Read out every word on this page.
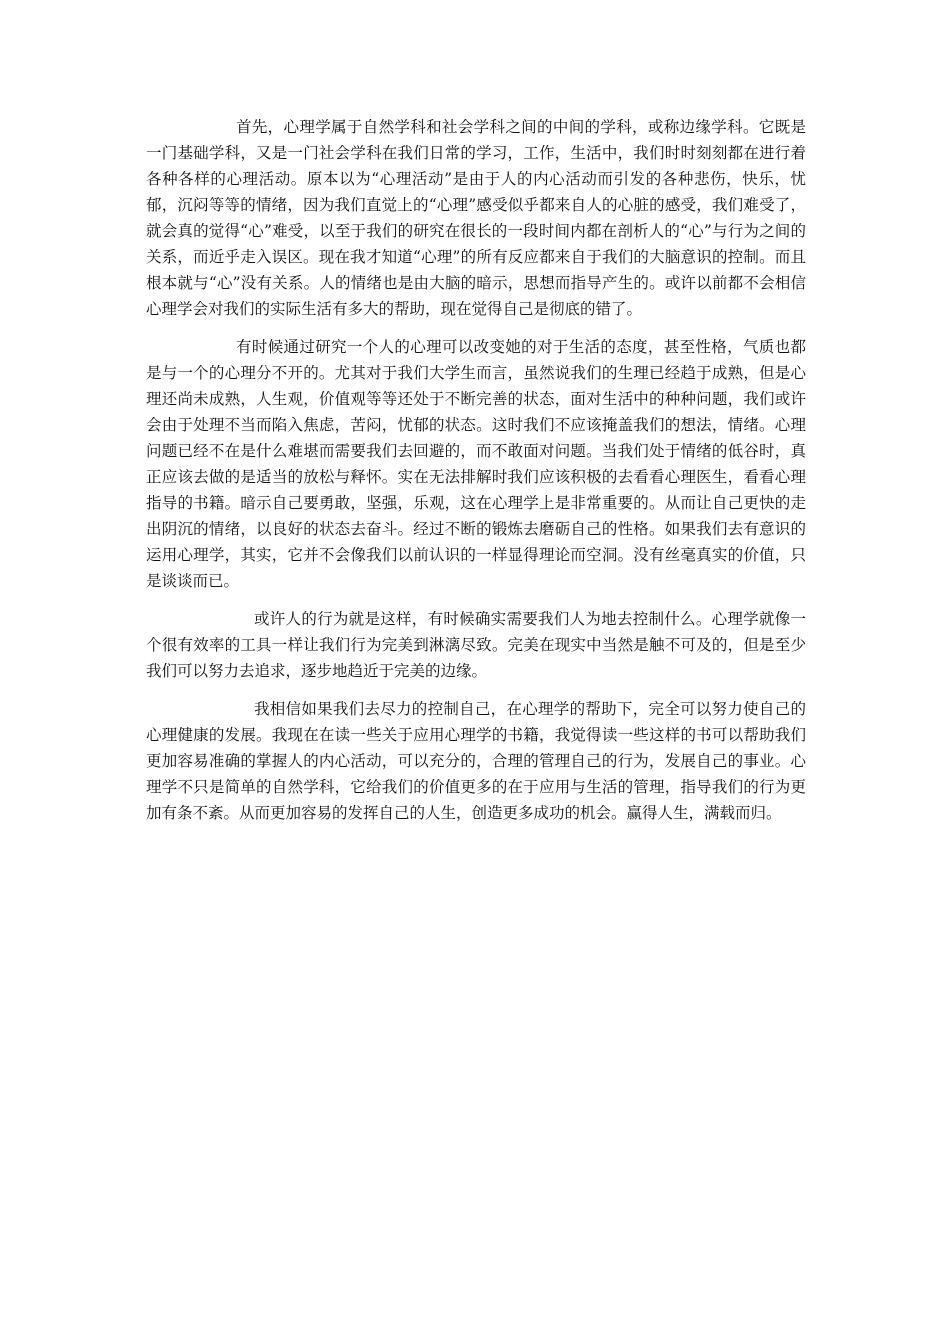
首先，心理学属于自然学科和社会学科之间的中间的学科，或称边缘学科。它既是一门基础学科，又是一门社会学科在我们日常的学习，工作，生活中，我们时时刻刻都在进行着各种各样的心理活动。原本以为“心理活动”是由于人的内心活动而引发的各种悲伤，快乐，忧郁，沉闷等等的情绪，因为我们直觉上的“心理”感受似乎都来自人的心脏的感受，我们难受了，就会真的觉得“心”难受，以至于我们的研究在很长的一段时间内都在剖析人的“心”与行为之间的关系，而近乎走入误区。现在我才知道“心理”的所有反应都来自于我们的大脑意识的控制。而且根本就与“心”没有关系。人的情绪也是由大脑的暗示，思想而指导产生的。或许以前都不会相信心理学会对我们的实际生活有多大的帮助，现在觉得自己是彻底的错了。

有时候通过研究一个人的心理可以改变她的对于生活的态度，甚至性格，气质也都是与一个的心理分不开的。尤其对于我们大学生而言，虽然说我们的生理已经趋于成熟，但是心理还尚未成熟，人生观，价值观等等还处于不断完善的状态，面对生活中的种种问题，我们或许会由于处理不当而陷入焦虑，苦闷，忧郁的状态。这时我们不应该掩盖我们的想法，情绪。心理问题已经不在是什么难堪而需要我们去回避的，而不敢面对问题。当我们处于情绪的低谷时，真正应该去做的是适当的放松与释怀。实在无法排解时我们应该积极的去看看心理医生，看看心理指导的书籍。暗示自己要勇敢，坚强，乐观，这在心理学上是非常重要的。从而让自己更快的走出阴沉的情绪，以良好的状态去奋斗。经过不断的锻炼去磨砺自己的性格。如果我们去有意识的运用心理学，其实，它并不会像我们以前认识的一样显得理论而空洞。没有丝毫真实的价值，只是谈谈而已。

或许人的行为就是这样，有时候确实需要我们人为地去控制什么。心理学就像一个很有效率的工具一样让我们行为完美到淋漓尽致。完美在现实中当然是触不可及的，但是至少我们可以努力去追求，逐步地趋近于完美的边缘。

我相信如果我们去尽力的控制自己，在心理学的帮助下，完全可以努力使自己的心理健康的发展。我现在在读一些关于应用心理学的书籍，我觉得读一些这样的书可以帮助我们更加容易准确的掌握人的内心活动，可以充分的，合理的管理自己的行为，发展自己的事业。心理学不只是简单的自然学科，它给我们的价值更多的在于应用与生活的管理，指导我们的行为更加有条不紊。从而更加容易的发挥自己的人生，创造更多成功的机会。赢得人生，满载而归。
